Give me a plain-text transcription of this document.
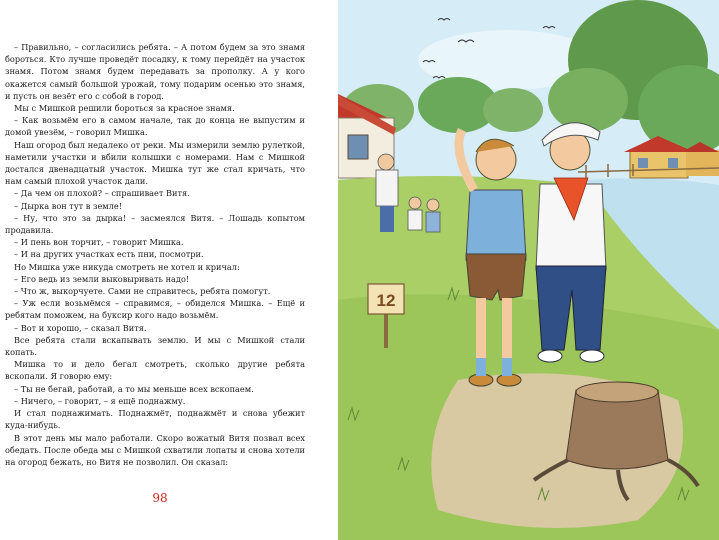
– Правильно, – согласились ребята. – А потом будем за это знамя бороться. Кто лучше проведёт посадку, к тому перейдёт на участок знамя. Потом знамя будем передавать за прополку. А у кого окажется самый большой урожай, тому подарим осенью это знамя, и пусть он везёт его с собой в город.

Мы с Мишкой решили бороться за красное знамя.

– Как возьмём его в самом начале, так до конца не выпустим и домой увезём, – говорил Мишка.

Наш огород был недалеко от реки. Мы измерили землю рулеткой, наметили участки и вбили колышки с номерами. Нам с Мишкой достался двенадцатый участок. Мишка тут же стал кричать, что нам самый плохой участок дали.

– Да чем он плохой? – спрашивает Витя.

– Дырка вон тут в земле!

– Ну, что это за дырка! – засмеялся Витя. – Лошадь копытом продавила.

– И пень вон торчит, – говорит Мишка.

– И на других участках есть пни, посмотри.

Но Мишка уже никуда смотреть не хотел и кричал:

– Его ведь из земли выковыривать надо!

– Что ж, выкорчуете. Сами не справитесь, ребята помогут.

– Уж если возьмёмся – справимся, – обиделся Мишка. – Ещё и ребятам поможем, на буксир кого надо возьмём.

– Вот и хорошо, – сказал Витя.

Все ребята стали вскапывать землю. И мы с Мишкой стали копать.

Мишка то и дело бегал смотреть, сколько другие ребята вскопали. Я говорю ему:

– Ты не бегай, работай, а то мы меньше всех вскопаем.

– Ничего, – говорит, – я ещё поднажму.

И стал поднажимать. Поднажмёт, поднажмёт и снова убежит куда-нибудь.

В этот день мы мало работали. Скоро вожатый Витя позвал всех обедать. После обеда мы с Мишкой схватили лопаты и снова хотели на огород бежать, но Витя не позволил. Он сказал:

98
12
